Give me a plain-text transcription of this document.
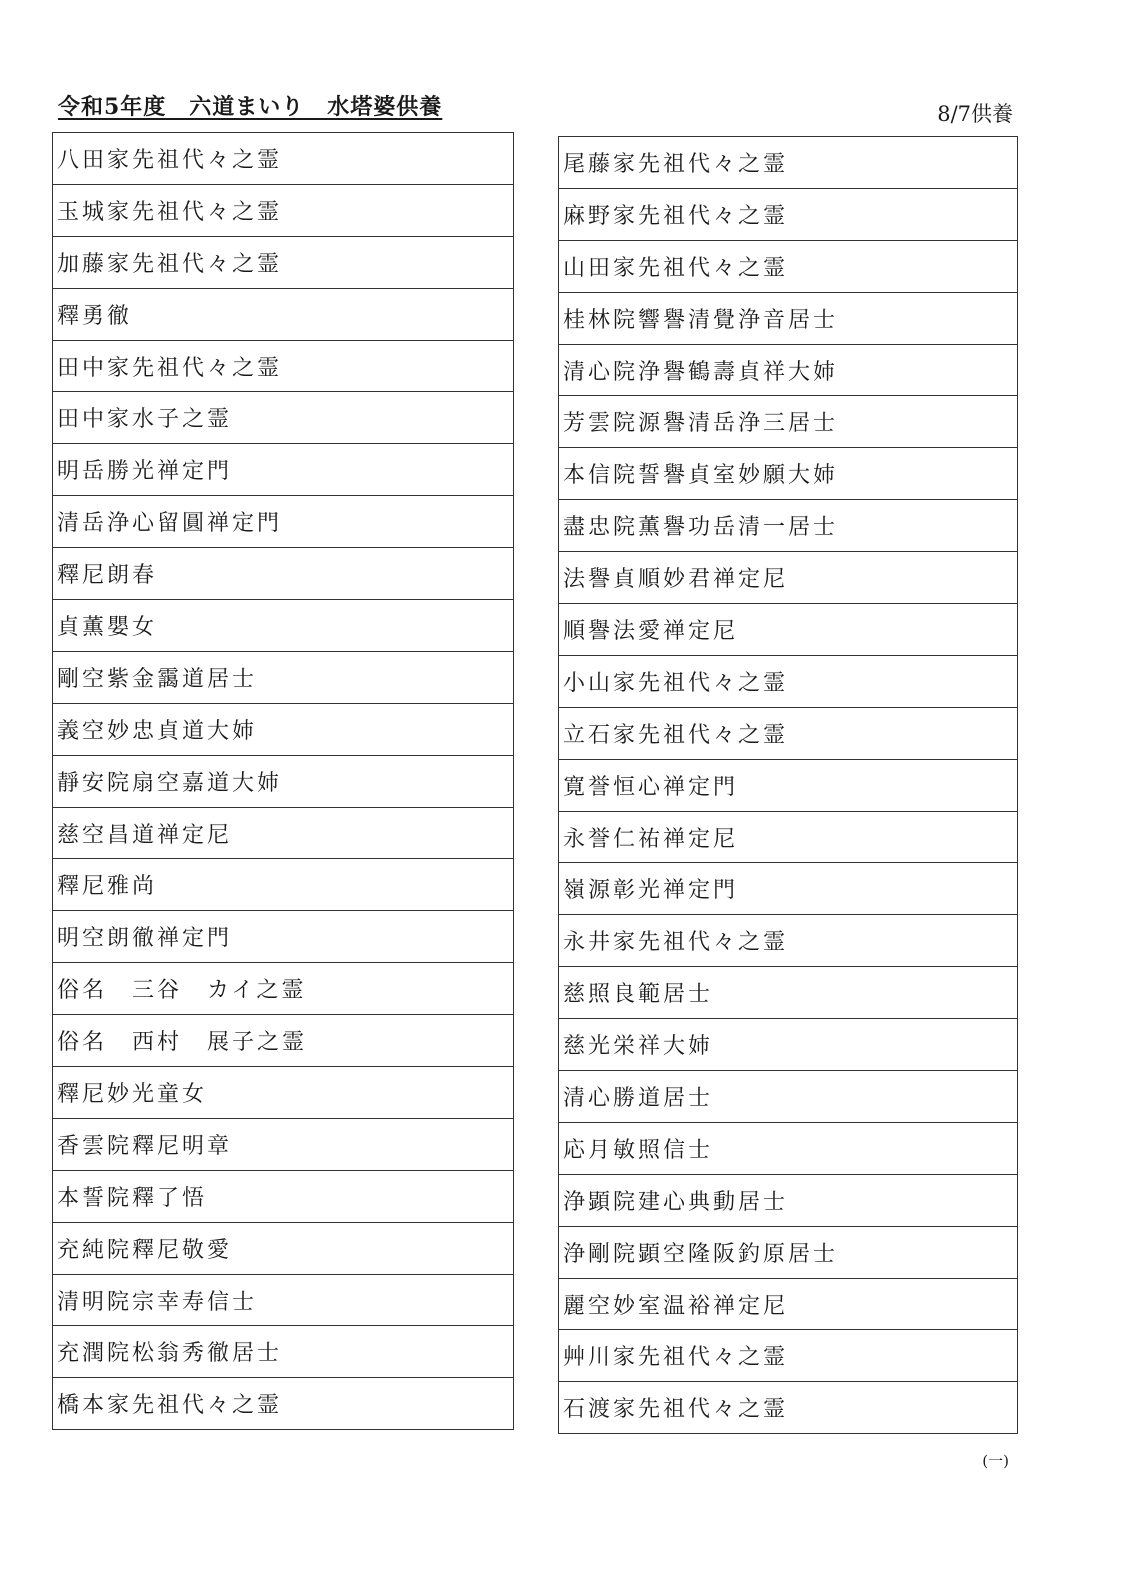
令和5年度　六道まいり　水塔婆供養	8/7供養
八田家先祖代々之霊
玉城家先祖代々之霊
加藤家先祖代々之霊
釋勇徹
田中家先祖代々之霊
田中家水子之霊
明岳勝光禅定門
清岳浄心留圓禅定門
釋尼朗春
貞薫嬰女
剛空紫金靄道居士
義空妙忠貞道大姉
靜安院扇空嘉道大姉
慈空昌道禅定尼
釋尼雅尚
明空朗徹禅定門
俗名　三谷　カイ之霊
俗名　西村　展子之霊
釋尼妙光童女
香雲院釋尼明章
本誓院釋了悟
充純院釋尼敬愛
清明院宗幸寿信士
充潤院松翁秀徹居士
橋本家先祖代々之霊
尾藤家先祖代々之霊
麻野家先祖代々之霊
山田家先祖代々之霊
桂林院響譽清覺浄音居士
清心院浄譽鶴壽貞祥大姉
芳雲院源譽清岳浄三居士
本信院誓譽貞室妙願大姉
盡忠院薫譽功岳清一居士
法譽貞順妙君禅定尼
順譽法愛禅定尼
小山家先祖代々之霊
立石家先祖代々之霊
寛誉恒心禅定門
永誉仁祐禅定尼
嶺源彰光禅定門
永井家先祖代々之霊
慈照良範居士
慈光栄祥大姉
清心勝道居士
応月敏照信士
浄顕院建心典動居士
浄剛院顕空隆阪釣原居士
麗空妙室温裕禅定尼
艸川家先祖代々之霊
石渡家先祖代々之霊
(一)
